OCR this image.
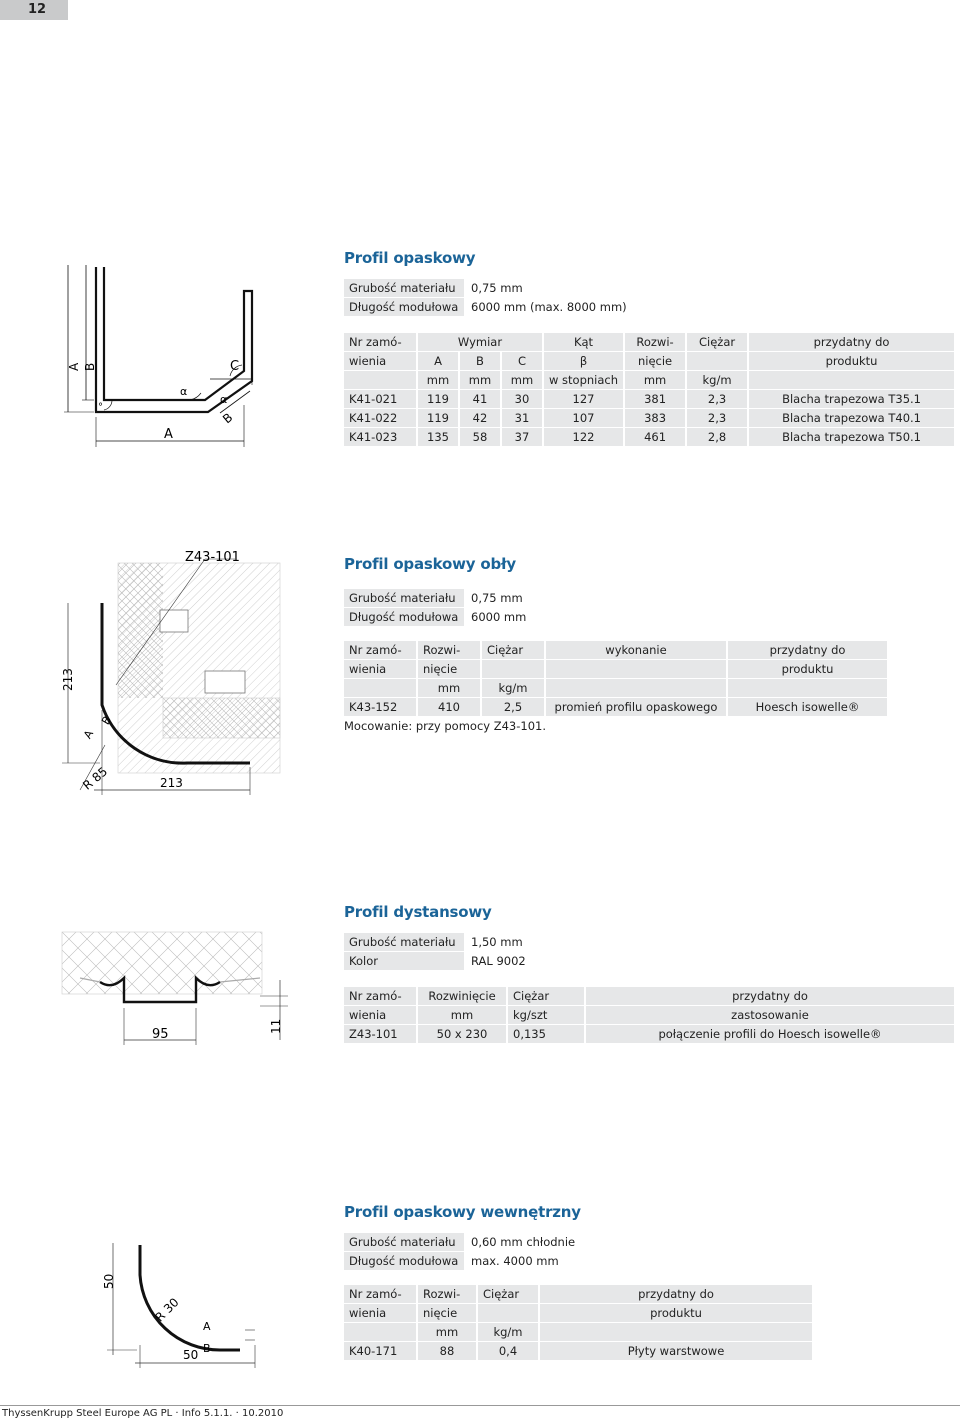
12
A B	C
A
B
α
α
°
Profil opaskowy
Grubość materiału	0,75 mm
Długość modułowa	6000 mm (max. 8000 mm)
Nr zamó-	Wymiar			Kąt	Rozwi-	Ciężar	przydatny do
wienia	A	B	C	β	nięcie		produktu
	mm	mm	mm	w stopniach	mm	kg/m	
K41-021	119	41	30	127	381	2,3	Blacha trapezowa T35.1
K41-022	119	42	31	107	383	2,3	Blacha trapezowa T40.1
K41-023	135	58	37	122	461	2,8	Blacha trapezowa T50.1
Z43-101
213
213
R 85
A
B
Profil opaskowy obły
Grubość materiału	0,75 mm
Długość modułowa	6000 mm
Nr zamó-	Rozwi-	Ciężar	wykonanie	przydatny do
wienia	nięcie			produktu
	mm	kg/m		
K43-152	410	2,5	promień profilu opaskowego	Hoesch isowelle®
Mocowanie: przy pomocy Z43-101.
95
11
Profil dystansowy
Grubość materiału	1,50 mm
Kolor	RAL 9002
Nr zamó-	Rozwinięcie	Ciężar	przydatny do
wienia	mm	kg/szt	zastosowanie
Z43-101	50 x 230	0,135	połączenie profili do Hoesch isowelle®
50
50
R 30
A
B
Profil opaskowy wewnętrzny
Grubość materiału	0,60 mm chłodnie
Długość modułowa	max. 4000 mm
Nr zamó-	Rozwi-	Ciężar	przydatny do
wienia	nięcie		produktu
	mm	kg/m	
K40-171	88	0,4	Płyty warstwowe
ThyssenKrupp Steel Europe AG PL · Info 5.1.1. · 10.2010
